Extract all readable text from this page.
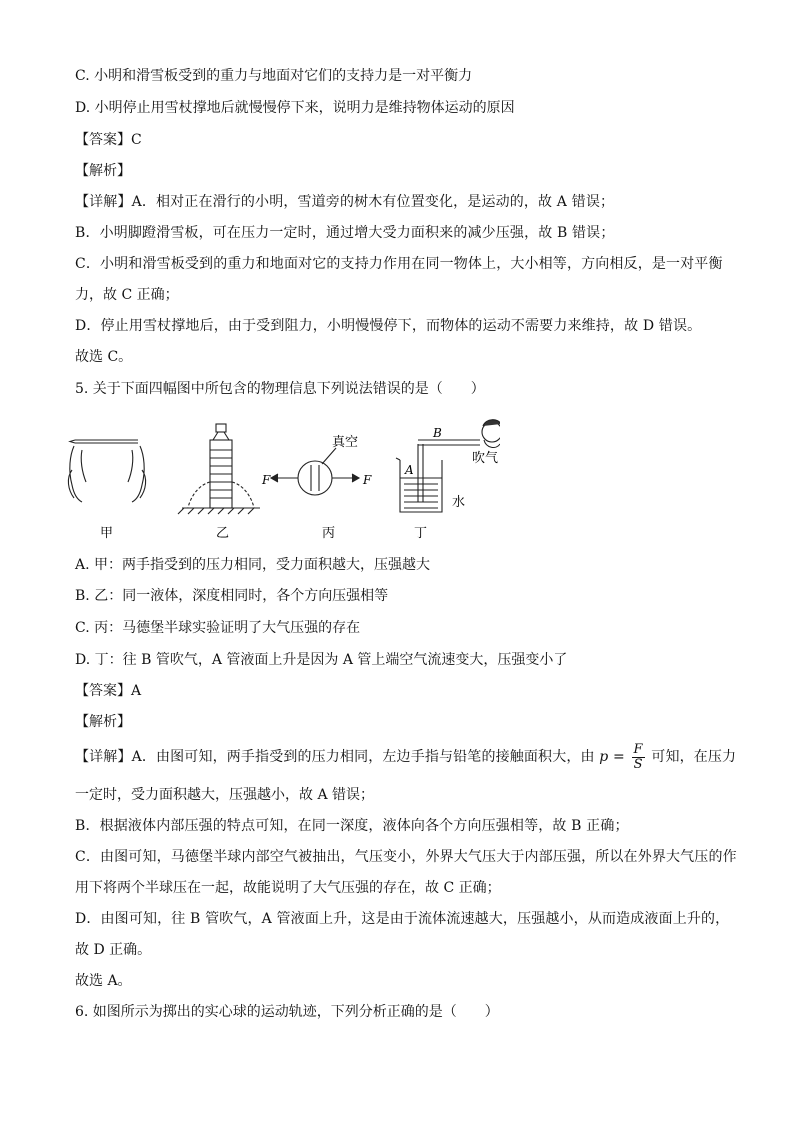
C. 小明和滑雪板受到的重力与地面对它们的支持力是一对平衡力
D. 小明停止用雪杖撑地后就慢慢停下来，说明力是维持物体运动的原因
【答案】C
【解析】
【详解】A．相对正在滑行的小明，雪道旁的树木有位置变化，是运动的，故 A 错误；
B．小明脚蹬滑雪板，可在压力一定时，通过增大受力面积来的减少压强，故 B 错误；
C．小明和滑雪板受到的重力和地面对它的支持力作用在同一物体上，大小相等，方向相反，是一对平衡
力，故 C 正确；
D．停止用雪杖撑地后，由于受到阻力，小明慢慢停下，而物体的运动不需要力来维持，故 D 错误。
故选 C。
5. 关于下面四幅图中所包含的物理信息下列说法错误的是（　　）
甲	乙
F	F
真空
丙
B
A
吹气
水
丁
A. 甲：两手指受到的压力相同，受力面积越大，压强越大
B. 乙：同一液体，深度相同时，各个方向压强相等
C. 丙：马德堡半球实验证明了大气压强的存在
D. 丁：往 B 管吹气，A 管液面上升是因为 A 管上端空气流速变大，压强变小了
【答案】A
【解析】
【详解】A．由图可知，两手指受到的压力相同，左边手指与铅笔的接触面积大，由 $p = \frac{F}{S}$ 可知，在压力
一定时，受力面积越大，压强越小，故 A 错误；
B．根据液体内部压强的特点可知，在同一深度，液体向各个方向压强相等，故 B 正确；
C．由图可知，马德堡半球内部空气被抽出，气压变小，外界大气压大于内部压强，所以在外界大气压的作
用下将两个半球压在一起，故能说明了大气压强的存在，故 C 正确；
D．由图可知，往 B 管吹气，A 管液面上升，这是由于流体流速越大，压强越小，从而造成液面上升的，
故 D 正确。
故选 A。
6. 如图所示为掷出的实心球的运动轨迹，下列分析正确的是（　　）
